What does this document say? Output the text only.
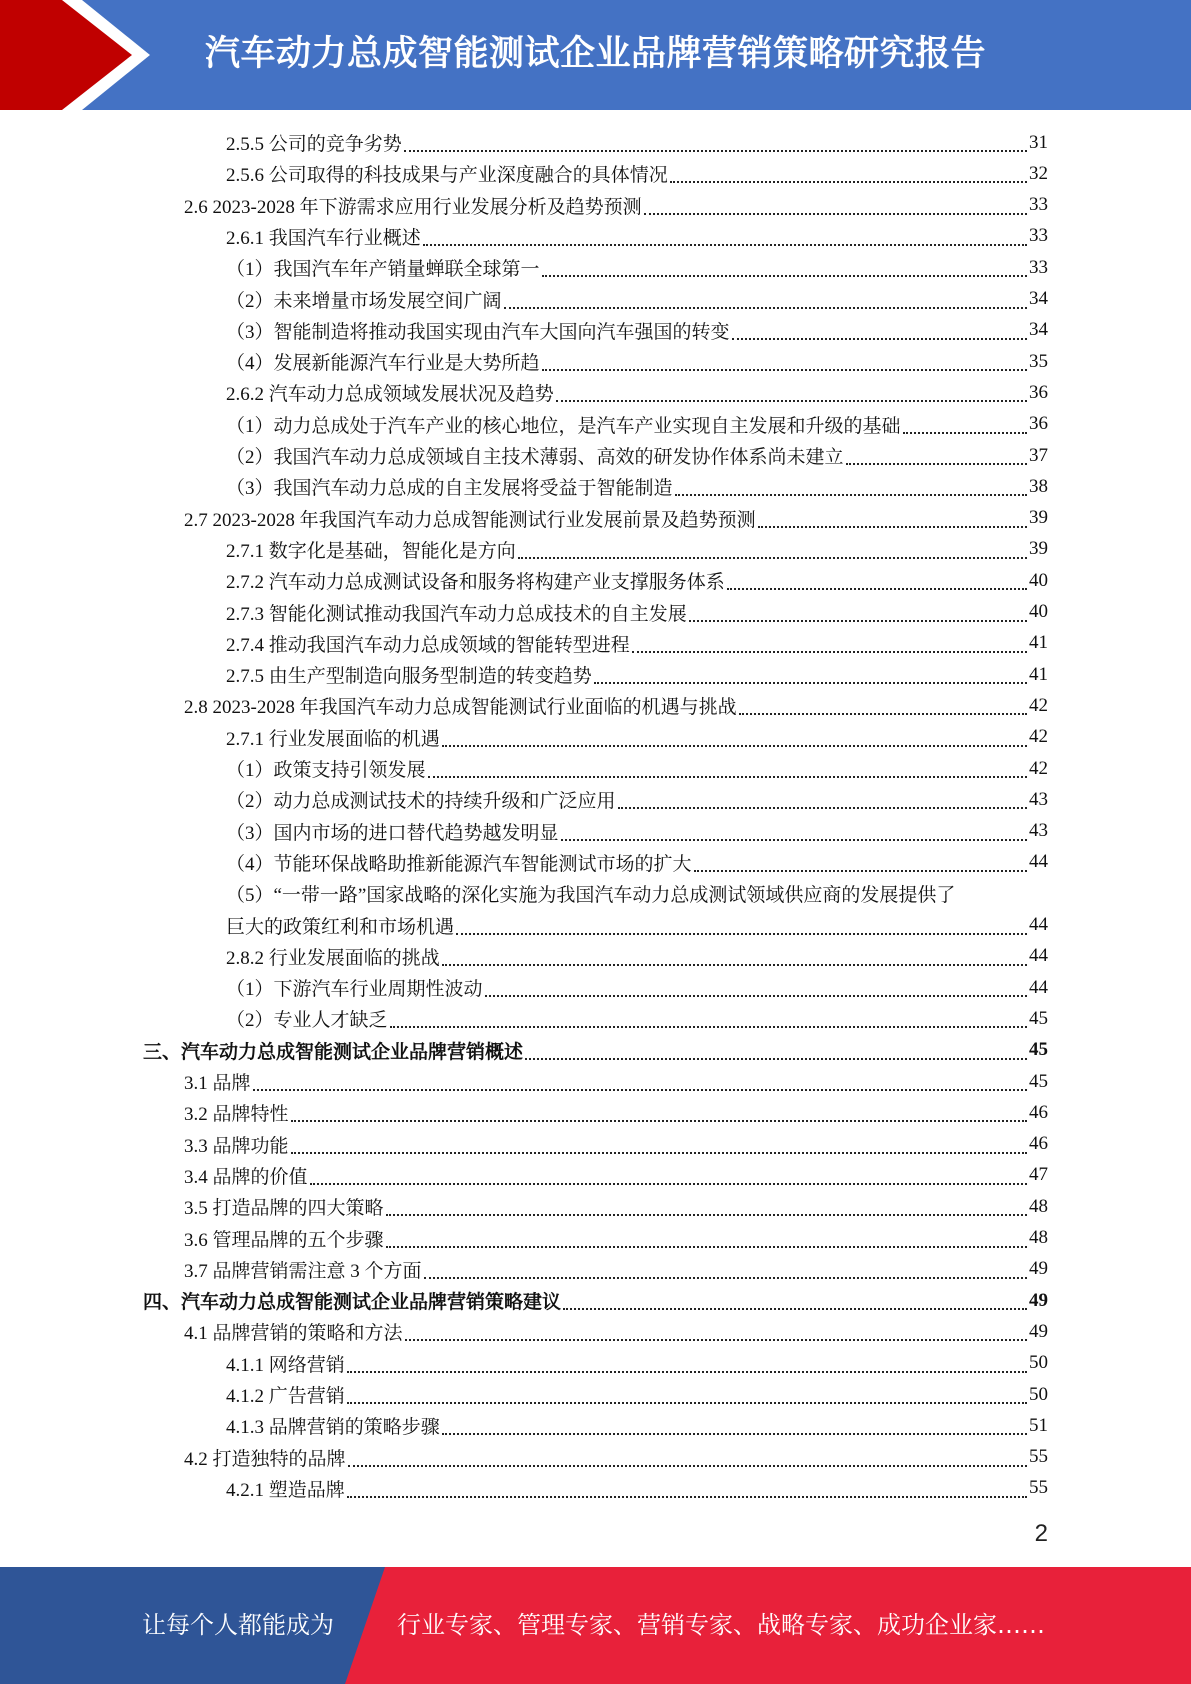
汽车动力总成智能测试企业品牌营销策略研究报告
2.5.5 公司的竞争劣势	31
2.5.6 公司取得的科技成果与产业深度融合的具体情况	32
2.6 2023-2028 年下游需求应用行业发展分析及趋势预测	33
2.6.1 我国汽车行业概述	33
（1）我国汽车年产销量蝉联全球第一	33
（2）未来增量市场发展空间广阔	34
（3）智能制造将推动我国实现由汽车大国向汽车强国的转变	34
（4）发展新能源汽车行业是大势所趋	35
2.6.2 汽车动力总成领域发展状况及趋势	36
（1）动力总成处于汽车产业的核心地位，是汽车产业实现自主发展和升级的基础	36
（2）我国汽车动力总成领域自主技术薄弱、高效的研发协作体系尚未建立	37
（3）我国汽车动力总成的自主发展将受益于智能制造	38
2.7 2023-2028 年我国汽车动力总成智能测试行业发展前景及趋势预测	39
2.7.1 数字化是基础，智能化是方向	39
2.7.2 汽车动力总成测试设备和服务将构建产业支撑服务体系	40
2.7.3 智能化测试推动我国汽车动力总成技术的自主发展	40
2.7.4 推动我国汽车动力总成领域的智能转型进程	41
2.7.5 由生产型制造向服务型制造的转变趋势	41
2.8 2023-2028 年我国汽车动力总成智能测试行业面临的机遇与挑战	42
2.7.1 行业发展面临的机遇	42
（1）政策支持引领发展	42
（2）动力总成测试技术的持续升级和广泛应用	43
（3）国内市场的进口替代趋势越发明显	43
（4）节能环保战略助推新能源汽车智能测试市场的扩大	44
（5）“一带一路”国家战略的深化实施为我国汽车动力总成测试领域供应商的发展提供了
巨大的政策红利和市场机遇	44
2.8.2 行业发展面临的挑战	44
（1）下游汽车行业周期性波动	44
（2）专业人才缺乏	45
三、汽车动力总成智能测试企业品牌营销概述	45
3.1 品牌	45
3.2 品牌特性	46
3.3 品牌功能	46
3.4 品牌的价值	47
3.5 打造品牌的四大策略	48
3.6 管理品牌的五个步骤	48
3.7 品牌营销需注意 3 个方面	49
四、汽车动力总成智能测试企业品牌营销策略建议	49
4.1 品牌营销的策略和方法	49
4.1.1 网络营销	50
4.1.2 广告营销	50
4.1.3 品牌营销的策略步骤	51
4.2 打造独特的品牌	55
4.2.1 塑造品牌	55
2
让每个人都能成为	行业专家、管理专家、营销专家、战略专家、成功企业家……
